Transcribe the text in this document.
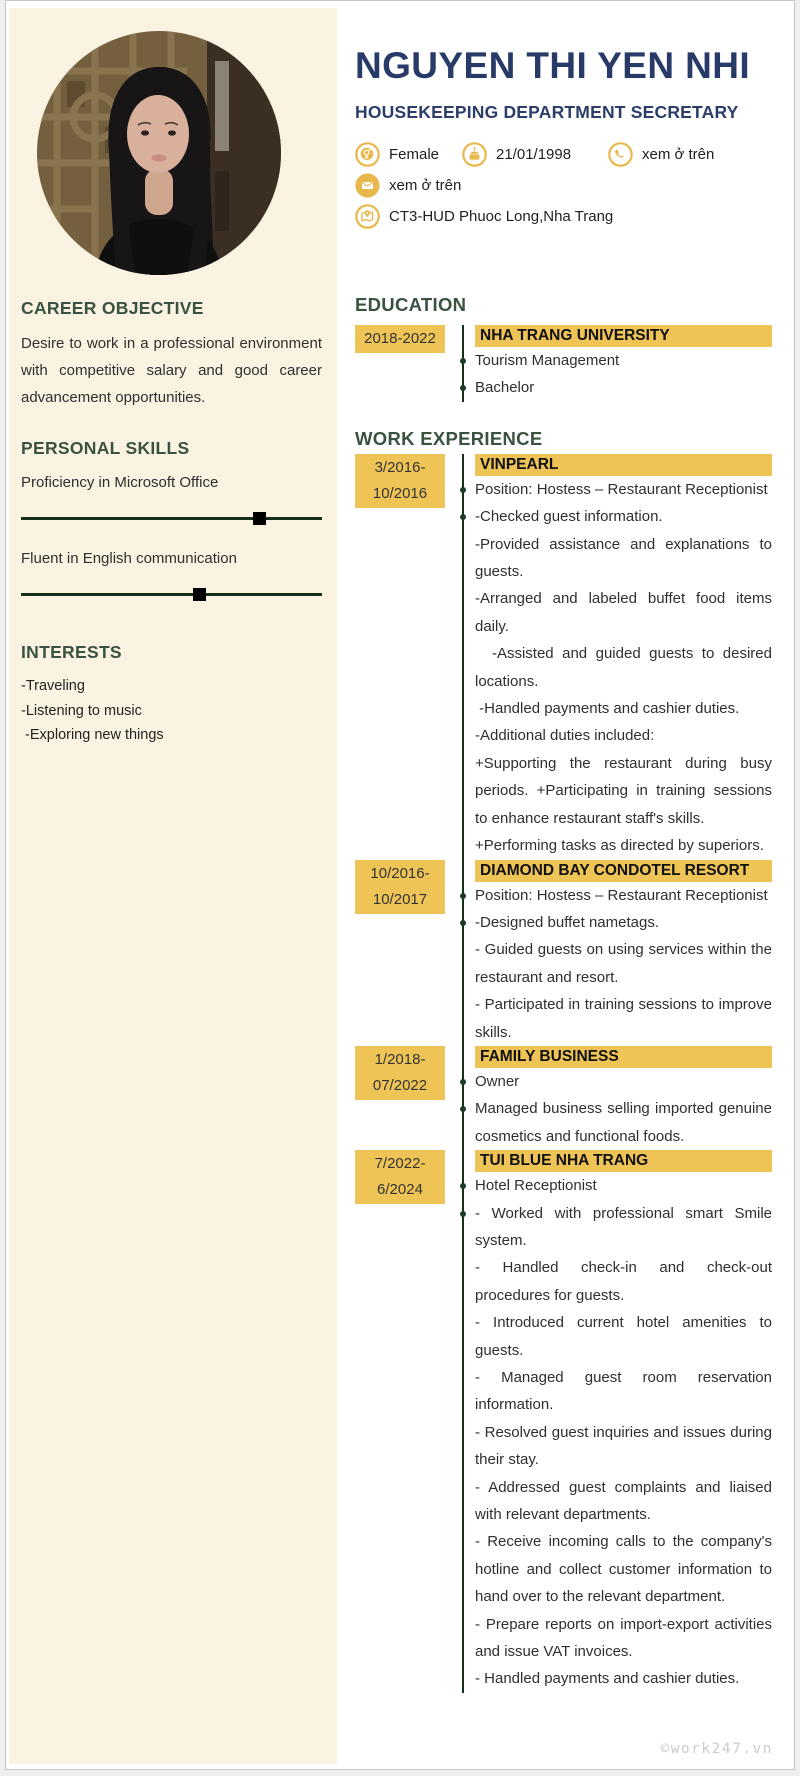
CAREER OBJECTIVE

Desire to work in a professional environment with competitive salary and good career advancement opportunities.

PERSONAL SKILLS
Proficiency in Microsoft Office
Fluent in English communication
INTERESTS

-Traveling

-Listening to music

-Exploring new things

NGUYEN THI YEN NHI
HOUSEKEEPING DEPARTMENT SECRETARY
Female	21/01/1998	xem ở trên
xem ở trên
CT3-HUD Phuoc Long,Nha Trang
EDUCATION
2018-2022	NHA TRANG UNIVERSITY

Tourism Management

Bachelor

WORK EXPERIENCE
3/2016-
10/2016
VINPEARL

Position: Hostess – Restaurant Receptionist

-Checked guest information.

-Provided assistance and explanations to guests.

-Arranged and labeled buffet food items daily.

-Assisted and guided guests to desired locations.

-Handled payments and cashier duties.

-Additional duties included:

+Supporting the restaurant during busy periods. +Participating in training sessions to enhance restaurant staff's skills.

+Performing tasks as directed by superiors.

10/2016-
10/2017
DIAMOND BAY CONDOTEL RESORT

Position: Hostess – Restaurant Receptionist

-Designed buffet nametags.

- Guided guests on using services within the restaurant and resort.

- Participated in training sessions to improve skills.

1/2018-
07/2022
FAMILY BUSINESS

Owner

Managed business selling imported genuine cosmetics and functional foods.

7/2022-
6/2024
TUI BLUE NHA TRANG

Hotel Receptionist

- Worked with professional smart Smile system.

- Handled check-in and check-out procedures for guests.

- Introduced current hotel amenities to guests.

- Managed guest room reservation information.

- Resolved guest inquiries and issues during their stay.

- Addressed guest complaints and liaised with relevant departments.

- Receive incoming calls to the company's hotline and collect customer information to hand over to the relevant department.

- Prepare reports on import-export activities and issue VAT invoices.

- Handled payments and cashier duties.

©work247.vn
